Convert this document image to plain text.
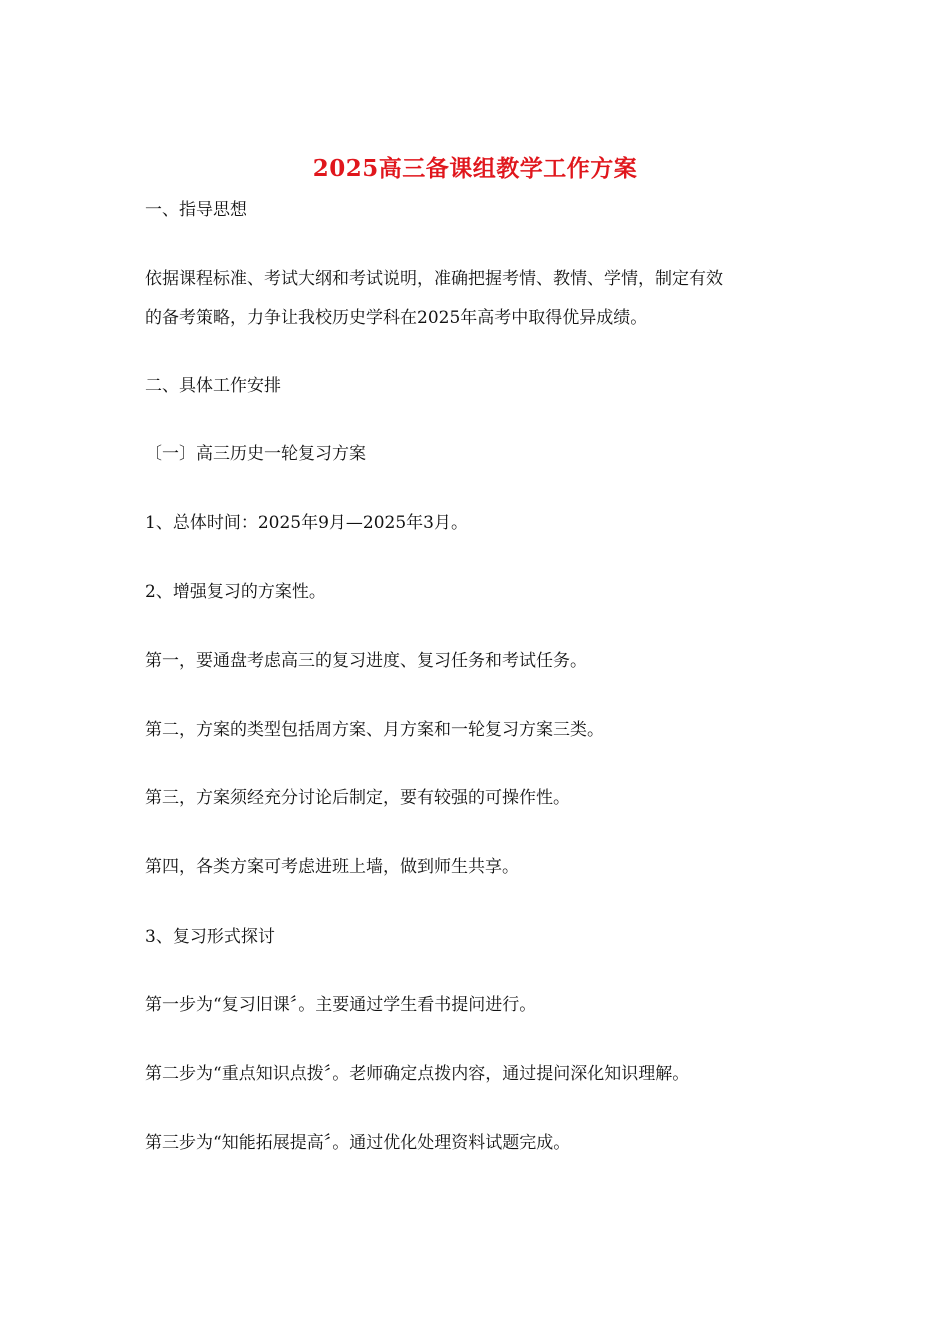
2025高三备课组教学工作方案
一、指导思想
依据课程标准、考试大纲和考试说明，准确把握考情、教情、学情，制定有效
的备考策略，力争让我校历史学科在2025年高考中取得优异成绩。
二、具体工作安排
〔一〕高三历史一轮复习方案
1、总体时间：2025年9月—2025年3月。
2、增强复习的方案性。
第一，要通盘考虑高三的复习进度、复习任务和考试任务。
第二，方案的类型包括周方案、月方案和一轮复习方案三类。
第三，方案须经充分讨论后制定，要有较强的可操作性。
第四，各类方案可考虑进班上墙，做到师生共享。
3、复习形式探讨
第一步为“复习旧课〞。主要通过学生看书提问进行。
第二步为“重点知识点拨〞。老师确定点拨内容，通过提问深化知识理解。
第三步为“知能拓展提高〞。通过优化处理资料试题完成。
